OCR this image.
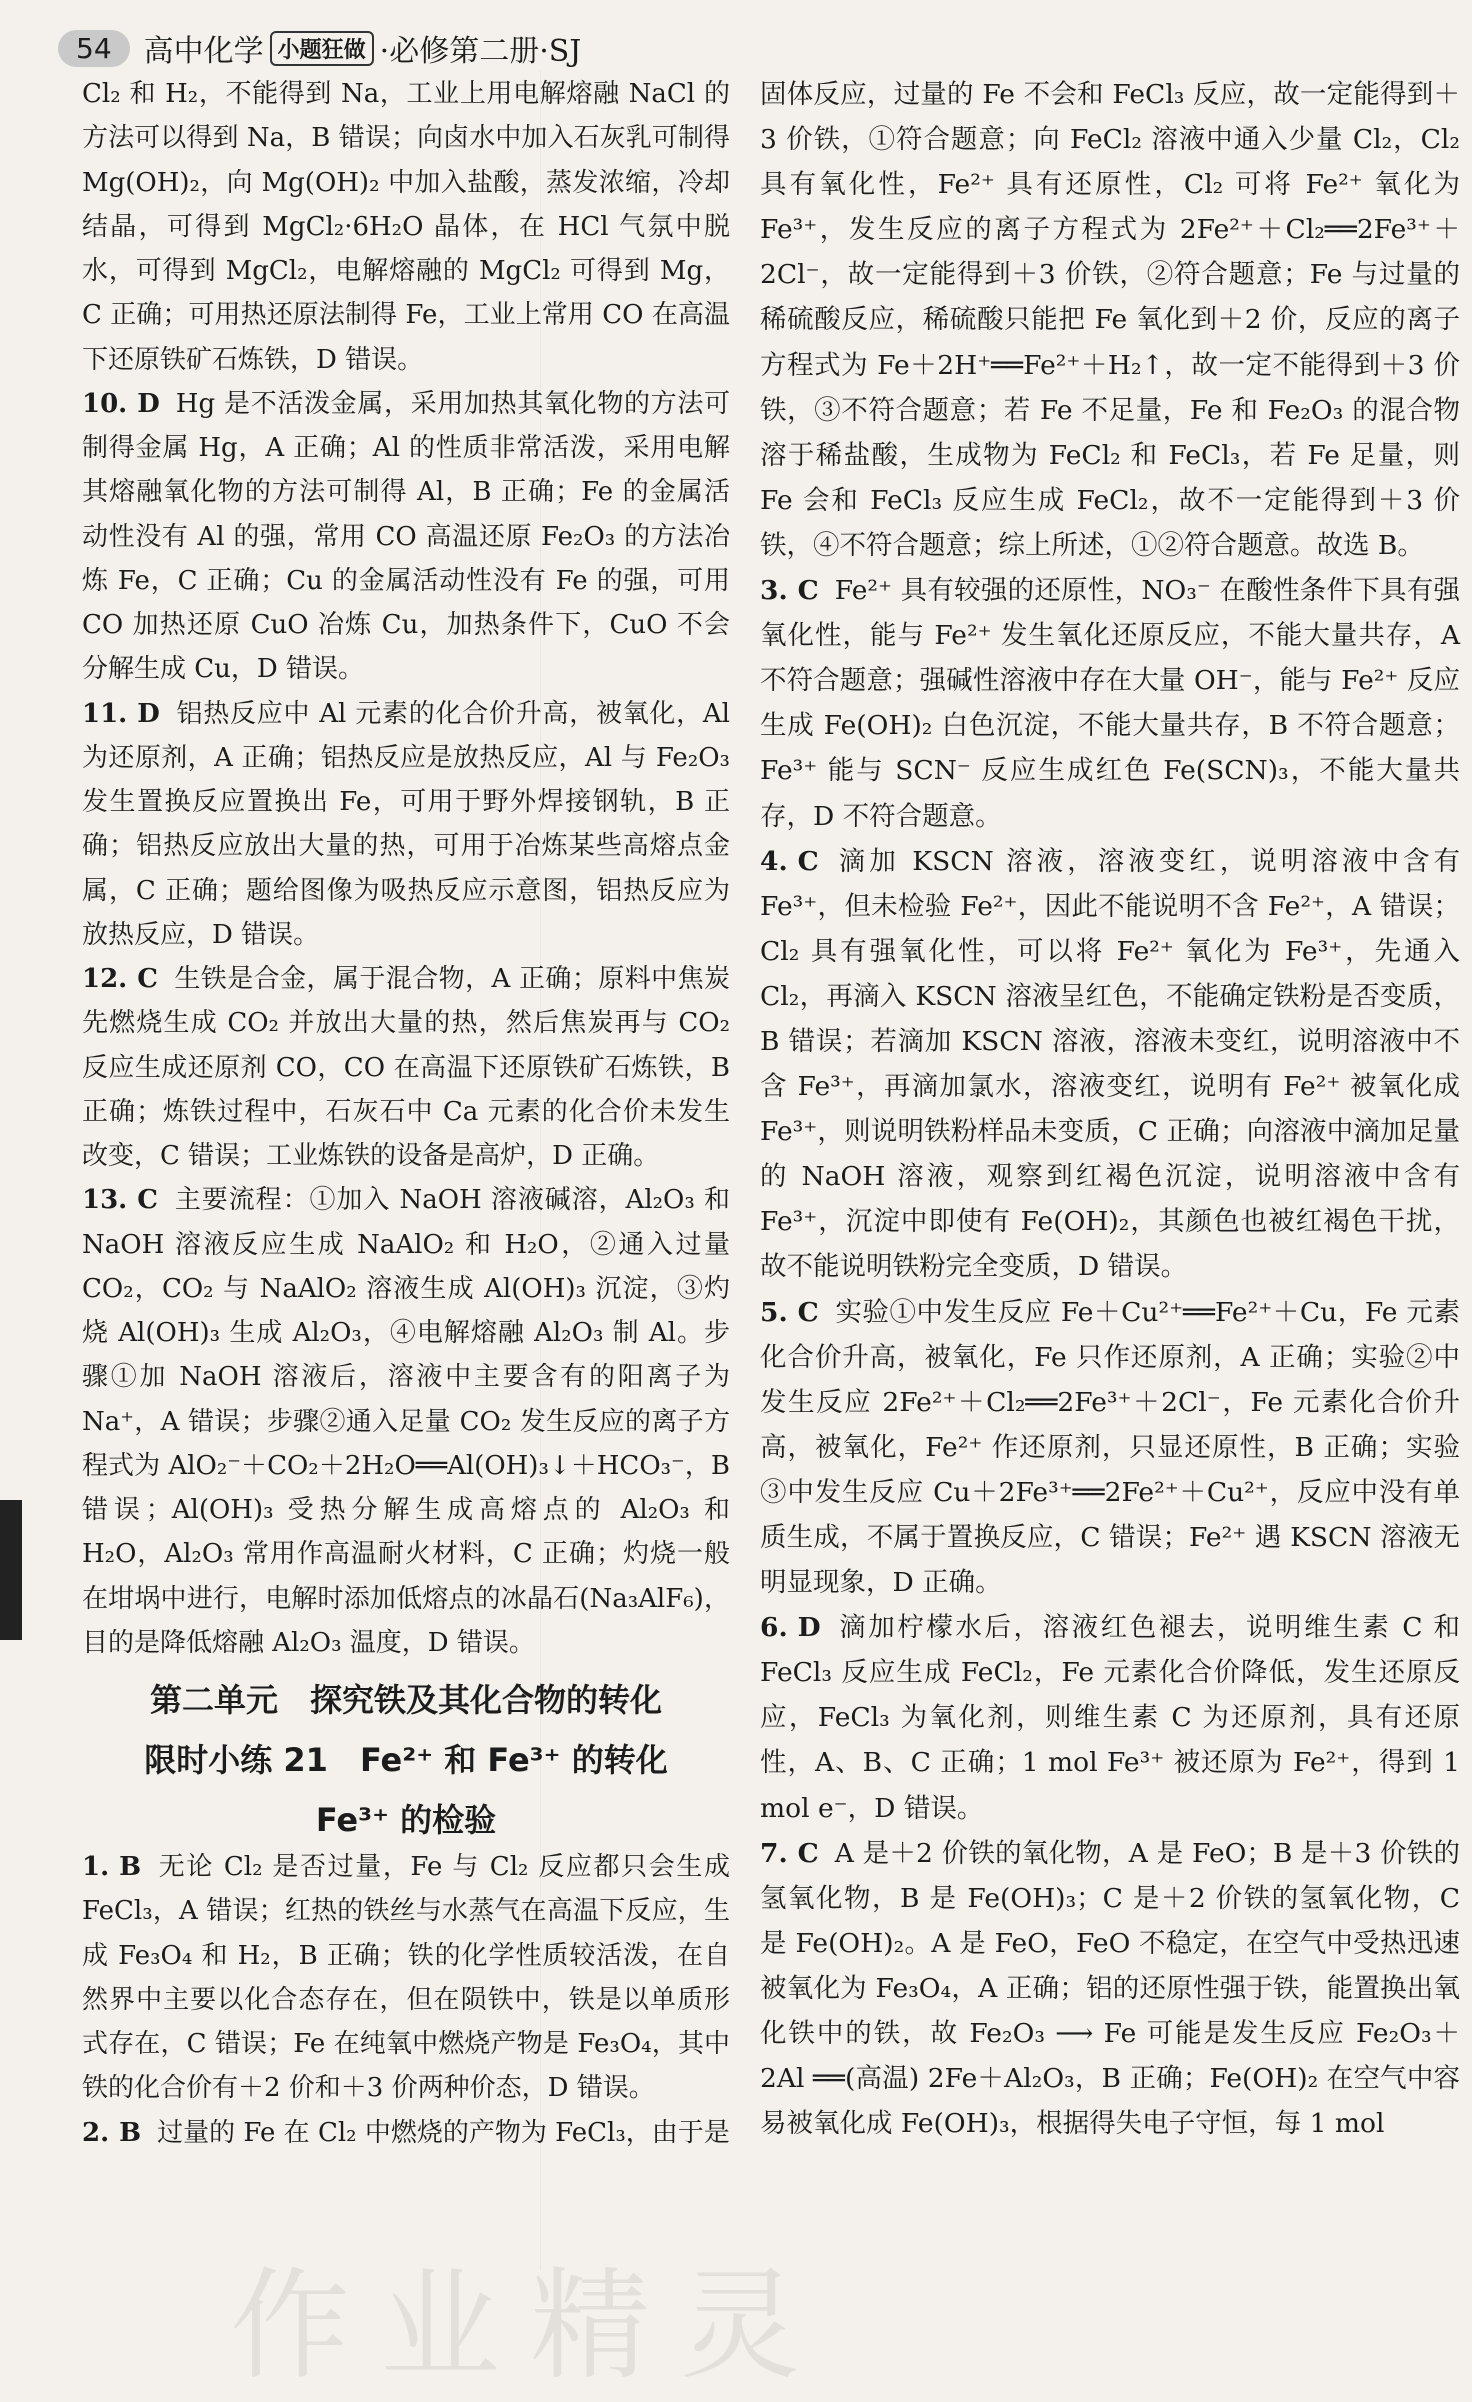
54	高中化学 小题狂做 ·必修第二册·SJ

Cl₂ 和 H₂，不能得到 Na，工业上用电解熔融 NaCl 的方法可以得到 Na，B 错误；向卤水中加入石灰乳可制得 Mg(OH)₂，向 Mg(OH)₂ 中加入盐酸，蒸发浓缩，冷却结晶，可得到 MgCl₂·6H₂O 晶体，在 HCl 气氛中脱水，可得到 MgCl₂，电解熔融的 MgCl₂ 可得到 Mg，C 正确；可用热还原法制得 Fe，工业上常用 CO 在高温下还原铁矿石炼铁，D 错误。

10. D Hg 是不活泼金属，采用加热其氧化物的方法可制得金属 Hg，A 正确；Al 的性质非常活泼，采用电解其熔融氧化物的方法可制得 Al，B 正确；Fe 的金属活动性没有 Al 的强，常用 CO 高温还原 Fe₂O₃ 的方法冶炼 Fe，C 正确；Cu 的金属活动性没有 Fe 的强，可用 CO 加热还原 CuO 冶炼 Cu，加热条件下，CuO 不会分解生成 Cu，D 错误。

11. D 铝热反应中 Al 元素的化合价升高，被氧化，Al 为还原剂，A 正确；铝热反应是放热反应，Al 与 Fe₂O₃ 发生置换反应置换出 Fe，可用于野外焊接钢轨，B 正确；铝热反应放出大量的热，可用于冶炼某些高熔点金属，C 正确；题给图像为吸热反应示意图，铝热反应为放热反应，D 错误。

12. C 生铁是合金，属于混合物，A 正确；原料中焦炭先燃烧生成 CO₂ 并放出大量的热，然后焦炭再与 CO₂ 反应生成还原剂 CO，CO 在高温下还原铁矿石炼铁，B 正确；炼铁过程中，石灰石中 Ca 元素的化合价未发生改变，C 错误；工业炼铁的设备是高炉，D 正确。

13. C 主要流程：①加入 NaOH 溶液碱溶，Al₂O₃ 和 NaOH 溶液反应生成 NaAlO₂ 和 H₂O，②通入过量 CO₂，CO₂ 与 NaAlO₂ 溶液生成 Al(OH)₃ 沉淀，③灼烧 Al(OH)₃ 生成 Al₂O₃，④电解熔融 Al₂O₃ 制 Al。步骤①加 NaOH 溶液后，溶液中主要含有的阳离子为 Na⁺，A 错误；步骤②通入足量 CO₂ 发生反应的离子方程式为 AlO₂⁻＋CO₂＋2H₂O══Al(OH)₃↓＋HCO₃⁻，B 错误；Al(OH)₃ 受热分解生成高熔点的 Al₂O₃ 和 H₂O，Al₂O₃ 常用作高温耐火材料，C 正确；灼烧一般在坩埚中进行，电解时添加低熔点的冰晶石(Na₃AlF₆)，目的是降低熔融 Al₂O₃ 温度，D 错误。

第二单元　探究铁及其化合物的转化
限时小练 21　Fe²⁺ 和 Fe³⁺ 的转化
Fe³⁺ 的检验

1. B 无论 Cl₂ 是否过量，Fe 与 Cl₂ 反应都只会生成 FeCl₃，A 错误；红热的铁丝与水蒸气在高温下反应，生成 Fe₃O₄ 和 H₂，B 正确；铁的化学性质较活泼，在自然界中主要以化合态存在，但在陨铁中，铁是以单质形式存在，C 错误；Fe 在纯氧中燃烧产物是 Fe₃O₄，其中铁的化合价有＋2 价和＋3 价两种价态，D 错误。

2. B 过量的 Fe 在 Cl₂ 中燃烧的产物为 FeCl₃，由于是

固体反应，过量的 Fe 不会和 FeCl₃ 反应，故一定能得到＋3 价铁，①符合题意；向 FeCl₂ 溶液中通入少量 Cl₂，Cl₂ 具有氧化性，Fe²⁺ 具有还原性，Cl₂ 可将 Fe²⁺ 氧化为 Fe³⁺，发生反应的离子方程式为 2Fe²⁺＋Cl₂══2Fe³⁺＋2Cl⁻，故一定能得到＋3 价铁，②符合题意；Fe 与过量的稀硫酸反应，稀硫酸只能把 Fe 氧化到＋2 价，反应的离子方程式为 Fe＋2H⁺══Fe²⁺＋H₂↑，故一定不能得到＋3 价铁，③不符合题意；若 Fe 不足量，Fe 和 Fe₂O₃ 的混合物溶于稀盐酸，生成物为 FeCl₂ 和 FeCl₃，若 Fe 足量，则 Fe 会和 FeCl₃ 反应生成 FeCl₂，故不一定能得到＋3 价铁，④不符合题意；综上所述，①②符合题意。故选 B。

3. C Fe²⁺ 具有较强的还原性，NO₃⁻ 在酸性条件下具有强氧化性，能与 Fe²⁺ 发生氧化还原反应，不能大量共存，A 不符合题意；强碱性溶液中存在大量 OH⁻，能与 Fe²⁺ 反应生成 Fe(OH)₂ 白色沉淀，不能大量共存，B 不符合题意；Fe³⁺ 能与 SCN⁻ 反应生成红色 Fe(SCN)₃，不能大量共存，D 不符合题意。

4. C 滴加 KSCN 溶液，溶液变红，说明溶液中含有 Fe³⁺，但未检验 Fe²⁺，因此不能说明不含 Fe²⁺，A 错误；Cl₂ 具有强氧化性，可以将 Fe²⁺ 氧化为 Fe³⁺，先通入 Cl₂，再滴入 KSCN 溶液呈红色，不能确定铁粉是否变质，B 错误；若滴加 KSCN 溶液，溶液未变红，说明溶液中不含 Fe³⁺，再滴加氯水，溶液变红，说明有 Fe²⁺ 被氧化成 Fe³⁺，则说明铁粉样品未变质，C 正确；向溶液中滴加足量的 NaOH 溶液，观察到红褐色沉淀，说明溶液中含有 Fe³⁺，沉淀中即使有 Fe(OH)₂，其颜色也被红褐色干扰，故不能说明铁粉完全变质，D 错误。

5. C 实验①中发生反应 Fe＋Cu²⁺══Fe²⁺＋Cu，Fe 元素化合价升高，被氧化，Fe 只作还原剂，A 正确；实验②中发生反应 2Fe²⁺＋Cl₂══2Fe³⁺＋2Cl⁻，Fe 元素化合价升高，被氧化，Fe²⁺ 作还原剂，只显还原性，B 正确；实验③中发生反应 Cu＋2Fe³⁺══2Fe²⁺＋Cu²⁺，反应中没有单质生成，不属于置换反应，C 错误；Fe²⁺ 遇 KSCN 溶液无明显现象，D 正确。

6. D 滴加柠檬水后，溶液红色褪去，说明维生素 C 和 FeCl₃ 反应生成 FeCl₂，Fe 元素化合价降低，发生还原反应，FeCl₃ 为氧化剂，则维生素 C 为还原剂，具有还原性，A、B、C 正确；1 mol Fe³⁺ 被还原为 Fe²⁺，得到 1 mol e⁻，D 错误。

7. C A 是＋2 价铁的氧化物，A 是 FeO；B 是＋3 价铁的氢氧化物，B 是 Fe(OH)₃；C 是＋2 价铁的氢氧化物，C 是 Fe(OH)₂。A 是 FeO，FeO 不稳定，在空气中受热迅速被氧化为 Fe₃O₄，A 正确；铝的还原性强于铁，能置换出氧化铁中的铁，故 Fe₂O₃ ⟶ Fe 可能是发生反应 Fe₂O₃＋2Al ══(高温) 2Fe＋Al₂O₃，B 正确；Fe(OH)₂ 在空气中容易被氧化成 Fe(OH)₃，根据得失电子守恒，每 1 mol

作业精灵
